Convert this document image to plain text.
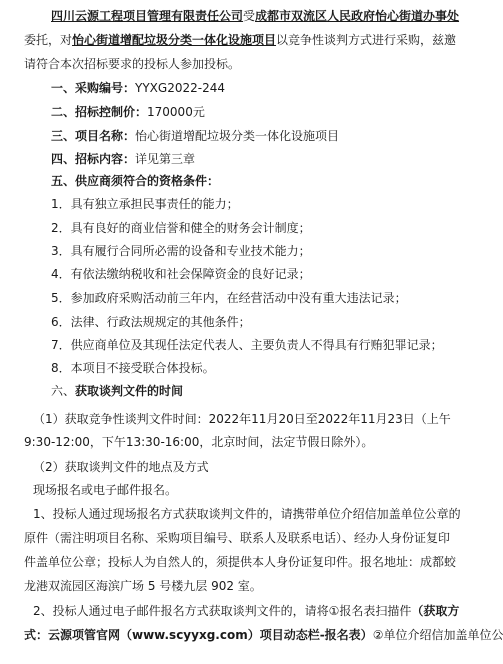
四川云源工程项目管理有限责任公司受成都市双流区人民政府怡心街道办事处
委托，对怡心街道增配垃圾分类一体化设施项目以竞争性谈判方式进行采购，兹邀
请符合本次招标要求的投标人参加投标。
一、采购编号：YYXG2022-244
二、招标控制价：170000元
三、项目名称：怡心街道增配垃圾分类一体化设施项目
四、招标内容：详见第三章
五、供应商须符合的资格条件：
1．具有独立承担民事责任的能力；
2．具有良好的商业信誉和健全的财务会计制度；
3．具有履行合同所必需的设备和专业技术能力；
4．有依法缴纳税收和社会保障资金的良好记录；
5．参加政府采购活动前三年内，在经营活动中没有重大违法记录；
6．法律、行政法规规定的其他条件；
7．供应商单位及其现任法定代表人、主要负责人不得具有行贿犯罪记录；
8．本项目不接受联合体投标。
六、获取谈判文件的时间
（1）获取竞争性谈判文件时间：2022年11月20日至2022年11月23日（上午
9:30-12:00，下午13:30-16:00，北京时间，法定节假日除外）。
（2）获取谈判文件的地点及方式
现场报名或电子邮件报名。
1、投标人通过现场报名方式获取谈判文件的，请携带单位介绍信加盖单位公章的
原件（需注明项目名称、采购项目编号、联系人及联系电话）、经办人身份证复印
件盖单位公章；投标人为自然人的，须提供本人身份证复印件。报名地址：成都蛟
龙港双流园区海滨广场 5 号楼九层 902 室。
2、投标人通过电子邮件报名方式获取谈判文件的，请将①报名表扫描件（获取方
式：云源项管官网（www.scyyxg.com）项目动态栏-报名表）②单位介绍信加盖单位公
